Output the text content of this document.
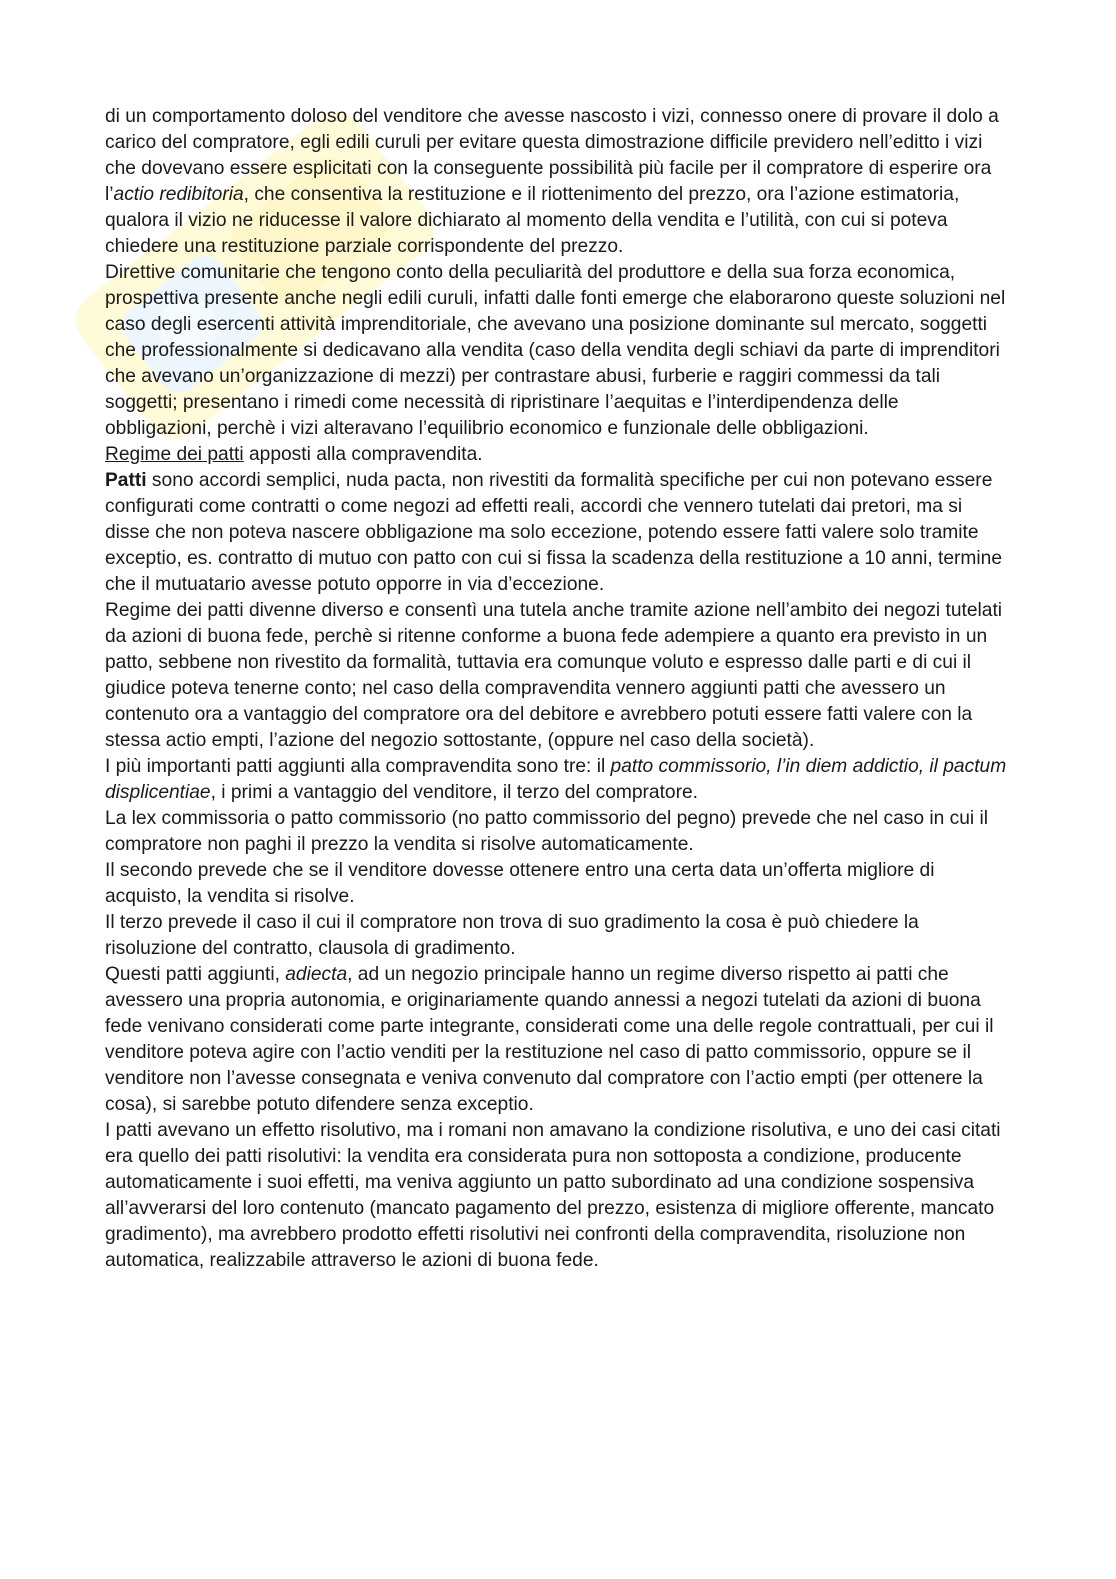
di un comportamento doloso del venditore che avesse nascosto i vizi, connesso onere di provare il dolo a carico del compratore, egli edili curuli per evitare questa dimostrazione difficile previdero nell’editto i vizi che dovevano essere esplicitati con la conseguente possibilità più facile per il compratore di esperire ora l’actio redibitoria, che consentiva la restituzione e il riottenimento del prezzo, ora l’azione estimatoria, qualora il vizio ne riducesse il valore dichiarato al momento della vendita e l’utilità, con cui si poteva chiedere una restituzione parziale corrispondente del prezzo.

Direttive comunitarie che tengono conto della peculiarità del produttore e della sua forza economica, prospettiva presente anche negli edili curuli, infatti dalle fonti emerge che elaborarono queste soluzioni nel caso degli esercenti attività imprenditoriale, che avevano una posizione dominante sul mercato, soggetti che professionalmente si dedicavano alla vendita (caso della vendita degli schiavi da parte di imprenditori che avevano un’organizzazione di mezzi) per contrastare abusi, furberie e raggiri commessi da tali soggetti; presentano i rimedi come necessità di ripristinare l’aequitas e l’interdipendenza delle obbligazioni, perchè i vizi alteravano l’equilibrio economico e funzionale delle obbligazioni.

Regime dei patti apposti alla compravendita.

Patti sono accordi semplici, nuda pacta, non rivestiti da formalità specifiche per cui non potevano essere configurati come contratti o come negozi ad effetti reali, accordi che vennero tutelati dai pretori, ma si disse che non poteva nascere obbligazione ma solo eccezione, potendo essere fatti valere solo tramite exceptio, es. contratto di mutuo con patto con cui si fissa la scadenza della restituzione a 10 anni, termine che il mutuatario avesse potuto opporre in via d’eccezione.

Regime dei patti divenne diverso e consentì una tutela anche tramite azione nell’ambito dei negozi tutelati da azioni di buona fede, perchè si ritenne conforme a buona fede adempiere a quanto era previsto in un patto, sebbene non rivestito da formalità, tuttavia era comunque voluto e espresso dalle parti e di cui il giudice poteva tenerne conto; nel caso della compravendita vennero aggiunti patti che avessero un contenuto ora a vantaggio del compratore ora del debitore e avrebbero potuti essere fatti valere con la stessa actio empti, l’azione del negozio sottostante, (oppure nel caso della società).

I più importanti patti aggiunti alla compravendita sono tre: il patto commissorio, l’in diem addictio, il pactum displicentiae, i primi a vantaggio del venditore, il terzo del compratore.

La lex commissoria o patto commissorio (no patto commissorio del pegno) prevede che nel caso in cui il compratore non paghi il prezzo la vendita si risolve automaticamente.

Il secondo prevede che se il venditore dovesse ottenere entro una certa data un’offerta migliore di acquisto, la vendita si risolve.

Il terzo prevede il caso il cui il compratore non trova di suo gradimento la cosa è può chiedere la risoluzione del contratto, clausola di gradimento.

Questi patti aggiunti, adiecta, ad un negozio principale hanno un regime diverso rispetto ai patti che avessero una propria autonomia, e originariamente quando annessi a negozi tutelati da azioni di buona fede venivano considerati come parte integrante, considerati come una delle regole contrattuali, per cui il venditore poteva agire con l’actio venditi per la restituzione nel caso di patto commissorio, oppure se il venditore non l’avesse consegnata e veniva convenuto dal compratore con l’actio empti (per ottenere la cosa), si sarebbe potuto difendere senza exceptio.

I patti avevano un effetto risolutivo, ma i romani non amavano la condizione risolutiva, e uno dei casi citati era quello dei patti risolutivi: la vendita era considerata pura non sottoposta a condizione, producente automaticamente i suoi effetti, ma veniva aggiunto un patto subordinato ad una condizione sospensiva all’avverarsi del loro contenuto (mancato pagamento del prezzo, esistenza di migliore offerente, mancato gradimento), ma avrebbero prodotto effetti risolutivi nei confronti della compravendita, risoluzione non automatica, realizzabile attraverso le azioni di buona fede.
